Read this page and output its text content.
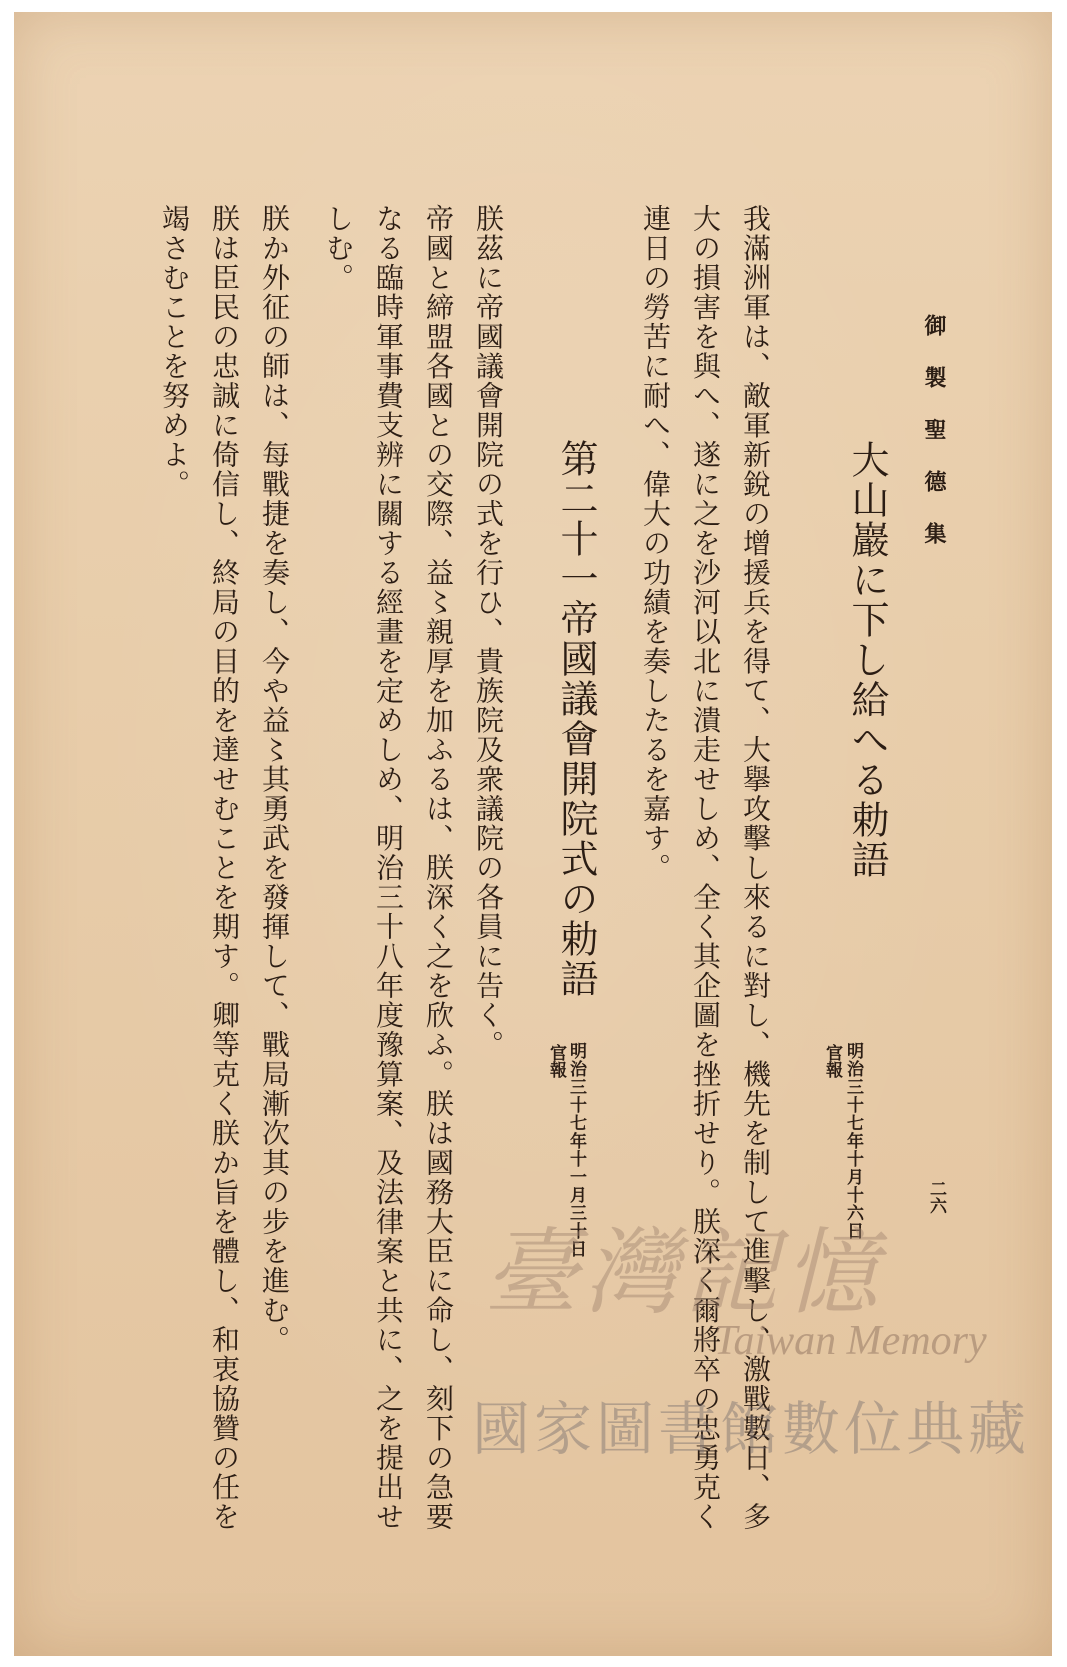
御製聖德集
二六
大山巖に下し給へる勅語
明治三十七年十月十六日
官報
我滿洲軍は、敵軍新銳の增援兵を得て、大擧攻擊し來るに對し、機先を制して進擊し、激戰數日、多
大の損害を與へ、遂に之を沙河以北に潰走せしめ、全く其企圖を挫折せり。朕深く爾將卒の忠勇克く
連日の勞苦に耐へ、偉大の功績を奏したるを嘉す。
第二十一帝國議會開院式の勅語
明治三十七年十一月三十日
官報
朕茲に帝國議會開院の式を行ひ、貴族院及衆議院の各員に告く。
帝國と締盟各國との交際、益〻親厚を加ふるは、朕深く之を欣ふ。朕は國務大臣に命し、刻下の急要
なる臨時軍事費支辨に關する經畫を定めしめ、明治三十八年度豫算案、及法律案と共に、之を提出せ
しむ。
朕か外征の師は、每戰捷を奏し、今や益〻其勇武を發揮して、戰局漸次其の步を進む。
朕は臣民の忠誠に倚信し、終局の目的を達せむことを期す。卿等克く朕か旨を體し、和衷協贊の任を
竭さむことを努めよ。
臺灣記憶
Taiwan Memory
國家圖書館數位典藏
